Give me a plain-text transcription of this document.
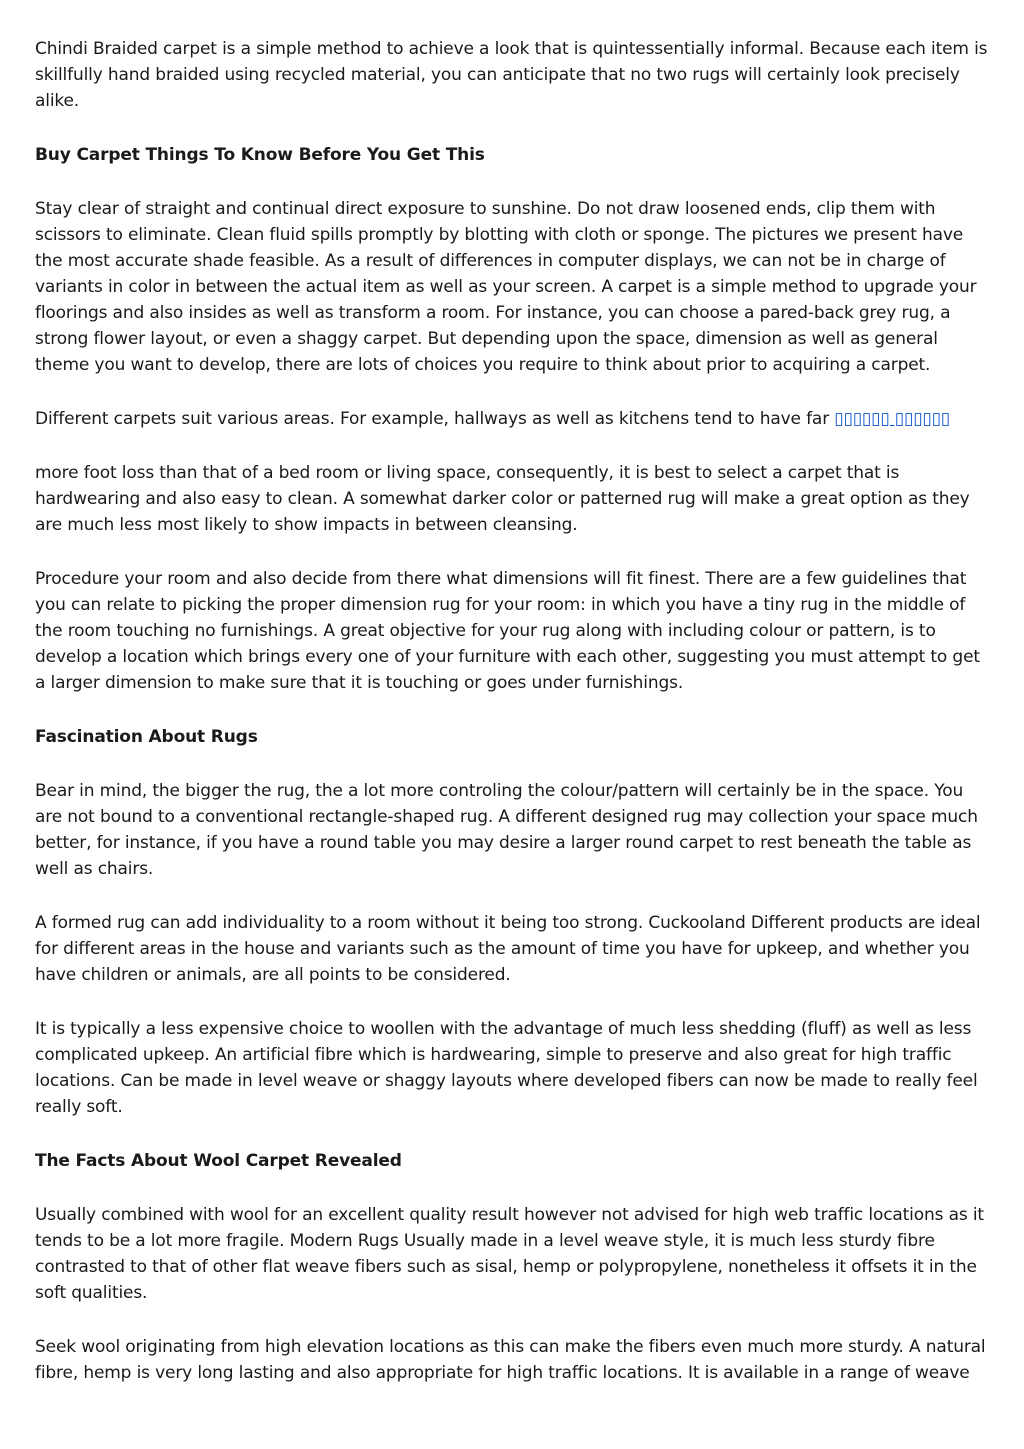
Chindi Braided carpet is a simple method to achieve a look that is quintessentially informal. Because each item is skillfully hand braided using recycled material, you can anticipate that no two rugs will certainly look precisely alike.

Buy Carpet Things To Know Before You Get This

Stay clear of straight and continual direct exposure to sunshine. Do not draw loosened ends, clip them with scissors to eliminate. Clean fluid spills promptly by blotting with cloth or sponge. The pictures we present have the most accurate shade feasible. As a result of differences in computer displays, we can not be in charge of variants in color in between the actual item as well as your screen. A carpet is a simple method to upgrade your floorings and also insides as well as transform a room. For instance, you can choose a pared-back grey rug, a strong flower layout, or even a shaggy carpet. But depending upon the space, dimension as well as general theme you want to develop, there are lots of choices you require to think about prior to acquiring a carpet.

Different carpets suit various areas. For example, hallways as well as kitchens tend to have far ▯▯▯▯▯▯ ▯▯▯▯▯▯

more foot loss than that of a bed room or living space, consequently, it is best to select a carpet that is hardwearing and also easy to clean. A somewhat darker color or patterned rug will make a great option as they are much less most likely to show impacts in between cleansing.

Procedure your room and also decide from there what dimensions will fit finest. There are a few guidelines that you can relate to picking the proper dimension rug for your room: in which you have a tiny rug in the middle of the room touching no furnishings. A great objective for your rug along with including colour or pattern, is to develop a location which brings every one of your furniture with each other, suggesting you must attempt to get a larger dimension to make sure that it is touching or goes under furnishings.

Fascination About Rugs

Bear in mind, the bigger the rug, the a lot more controling the colour/pattern will certainly be in the space. You are not bound to a conventional rectangle-shaped rug. A different designed rug may collection your space much better, for instance, if you have a round table you may desire a larger round carpet to rest beneath the table as well as chairs.

A formed rug can add individuality to a room without it being too strong. Cuckooland Different products are ideal for different areas in the house and variants such as the amount of time you have for upkeep, and whether you have children or animals, are all points to be considered.

It is typically a less expensive choice to woollen with the advantage of much less shedding (fluff) as well as less complicated upkeep. An artificial fibre which is hardwearing, simple to preserve and also great for high traffic locations. Can be made in level weave or shaggy layouts where developed fibers can now be made to really feel really soft.

The Facts About Wool Carpet Revealed

Usually combined with wool for an excellent quality result however not advised for high web traffic locations as it tends to be a lot more fragile. Modern Rugs Usually made in a level weave style, it is much less sturdy fibre contrasted to that of other flat weave fibers such as sisal, hemp or polypropylene, nonetheless it offsets it in the soft qualities.

Seek wool originating from high elevation locations as this can make the fibers even much more sturdy. A natural fibre, hemp is very long lasting and also appropriate for high traffic locations. It is available in a range of weave
